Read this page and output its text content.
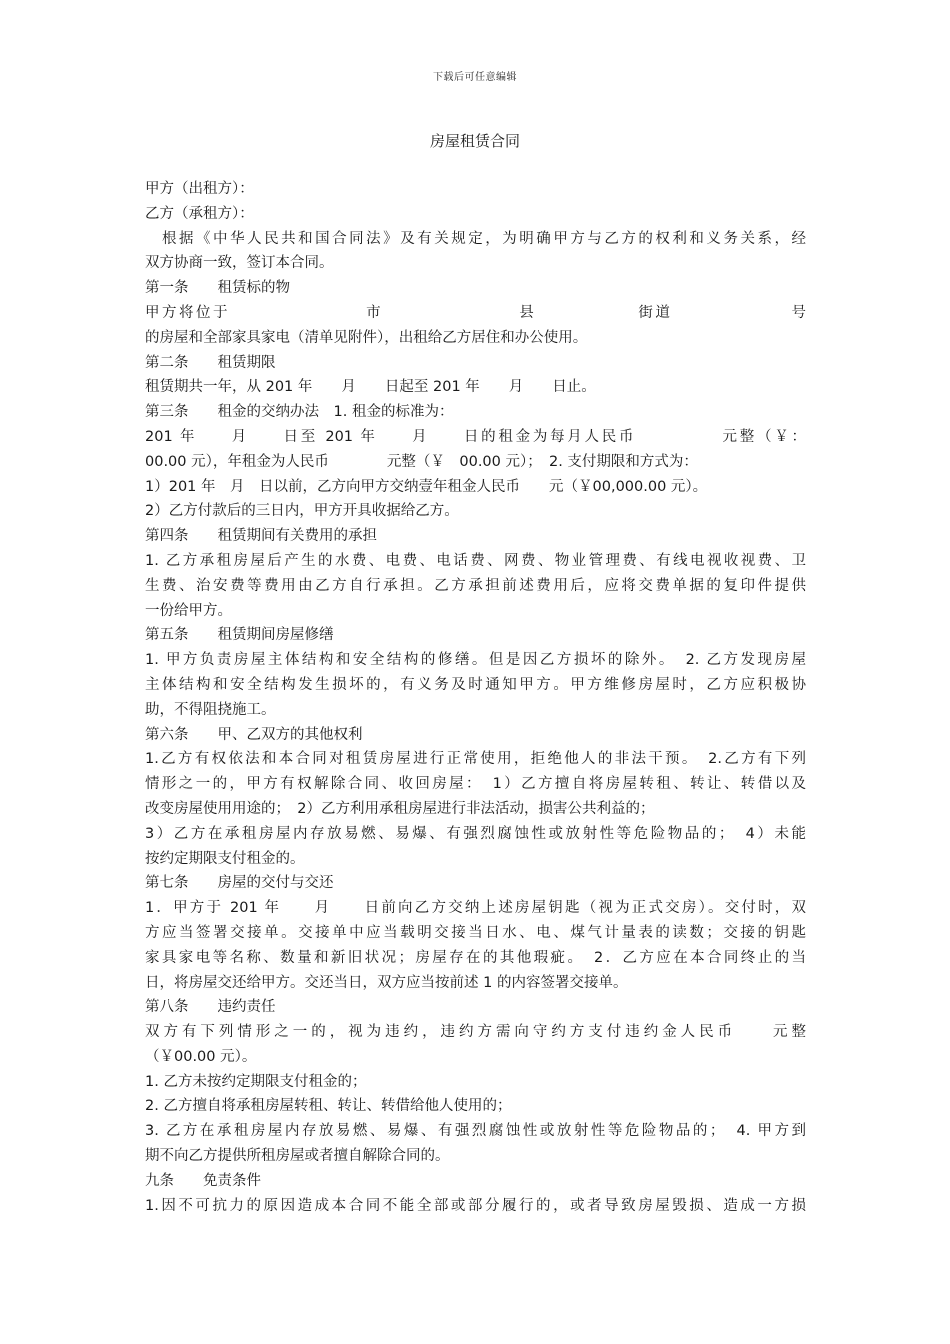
下载后可任意编辑
房屋租赁合同
甲方（出租方）：
乙方（承租方）：
　根据《中华人民共和国合同法》及有关规定，为明确甲方与乙方的权利和义务关系，经
双方协商一致，签订本合同。
第一条　　租赁标的物
甲方将位于　　　　　　　　市　　　　　　　　县　　　　　　街道　　　　　　　号
的房屋和全部家具家电（清单见附件），出租给乙方居住和办公使用。
第二条　　租赁期限
租赁期共一年，从 201 年　　月　　日起至 201 年　　月　　日止。
第三条　　租金的交纳办法　1. 租金的标准为：
201 年　　月　　日至 201 年　　月　　日的租金为每月人民币　　　　　元整（￥：
00.00 元），年租金为人民币　　　　元整（￥　00.00 元）；　2. 支付期限和方式为：
1）201 年　月　日以前，乙方向甲方交纳壹年租金人民币　　元（￥00,000.00 元）。
2）乙方付款后的三日内，甲方开具收据给乙方。
第四条　　租赁期间有关费用的承担
1. 乙方承租房屋后产生的水费、电费、电话费、网费、物业管理费、有线电视收视费、卫
生费、治安费等费用由乙方自行承担。乙方承担前述费用后，应将交费单据的复印件提供
一份给甲方。
第五条　　租赁期间房屋修缮
1. 甲方负责房屋主体结构和安全结构的修缮。但是因乙方损坏的除外。　2. 乙方发现房屋
主体结构和安全结构发生损坏的，有义务及时通知甲方。甲方维修房屋时，乙方应积极协
助，不得阻挠施工。
第六条　　甲、乙双方的其他权利
1.乙方有权依法和本合同对租赁房屋进行正常使用，拒绝他人的非法干预。　2.乙方有下列
情形之一的，甲方有权解除合同、收回房屋：　1）乙方擅自将房屋转租、转让、转借以及
改变房屋使用用途的；　2）乙方利用承租房屋进行非法活动，损害公共利益的；
3）乙方在承租房屋内存放易燃、易爆、有强烈腐蚀性或放射性等危险物品的；　4）未能
按约定期限支付租金的。
第七条　　房屋的交付与交还
1．甲方于 201 年　　月　　日前向乙方交纳上述房屋钥匙（视为正式交房）。交付时，双
方应当签署交接单。交接单中应当载明交接当日水、电、煤气计量表的读数；交接的钥匙
家具家电等名称、数量和新旧状况；房屋存在的其他瑕疵。　2．乙方应在本合同终止的当
日，将房屋交还给甲方。交还当日，双方应当按前述 1 的内容签署交接单。
第八条　　违约责任
双方有下列情形之一的，视为违约，违约方需向守约方支付违约金人民币　　元整
（￥00.00 元）。
1. 乙方未按约定期限支付租金的；
2. 乙方擅自将承租房屋转租、转让、转借给他人使用的；
3. 乙方在承租房屋内存放易燃、易爆、有强烈腐蚀性或放射性等危险物品的；　4. 甲方到
期不向乙方提供所租房屋或者擅自解除合同的。
九条　　免责条件
1.因不可抗力的原因造成本合同不能全部或部分履行的，或者导致房屋毁损、造成一方损
